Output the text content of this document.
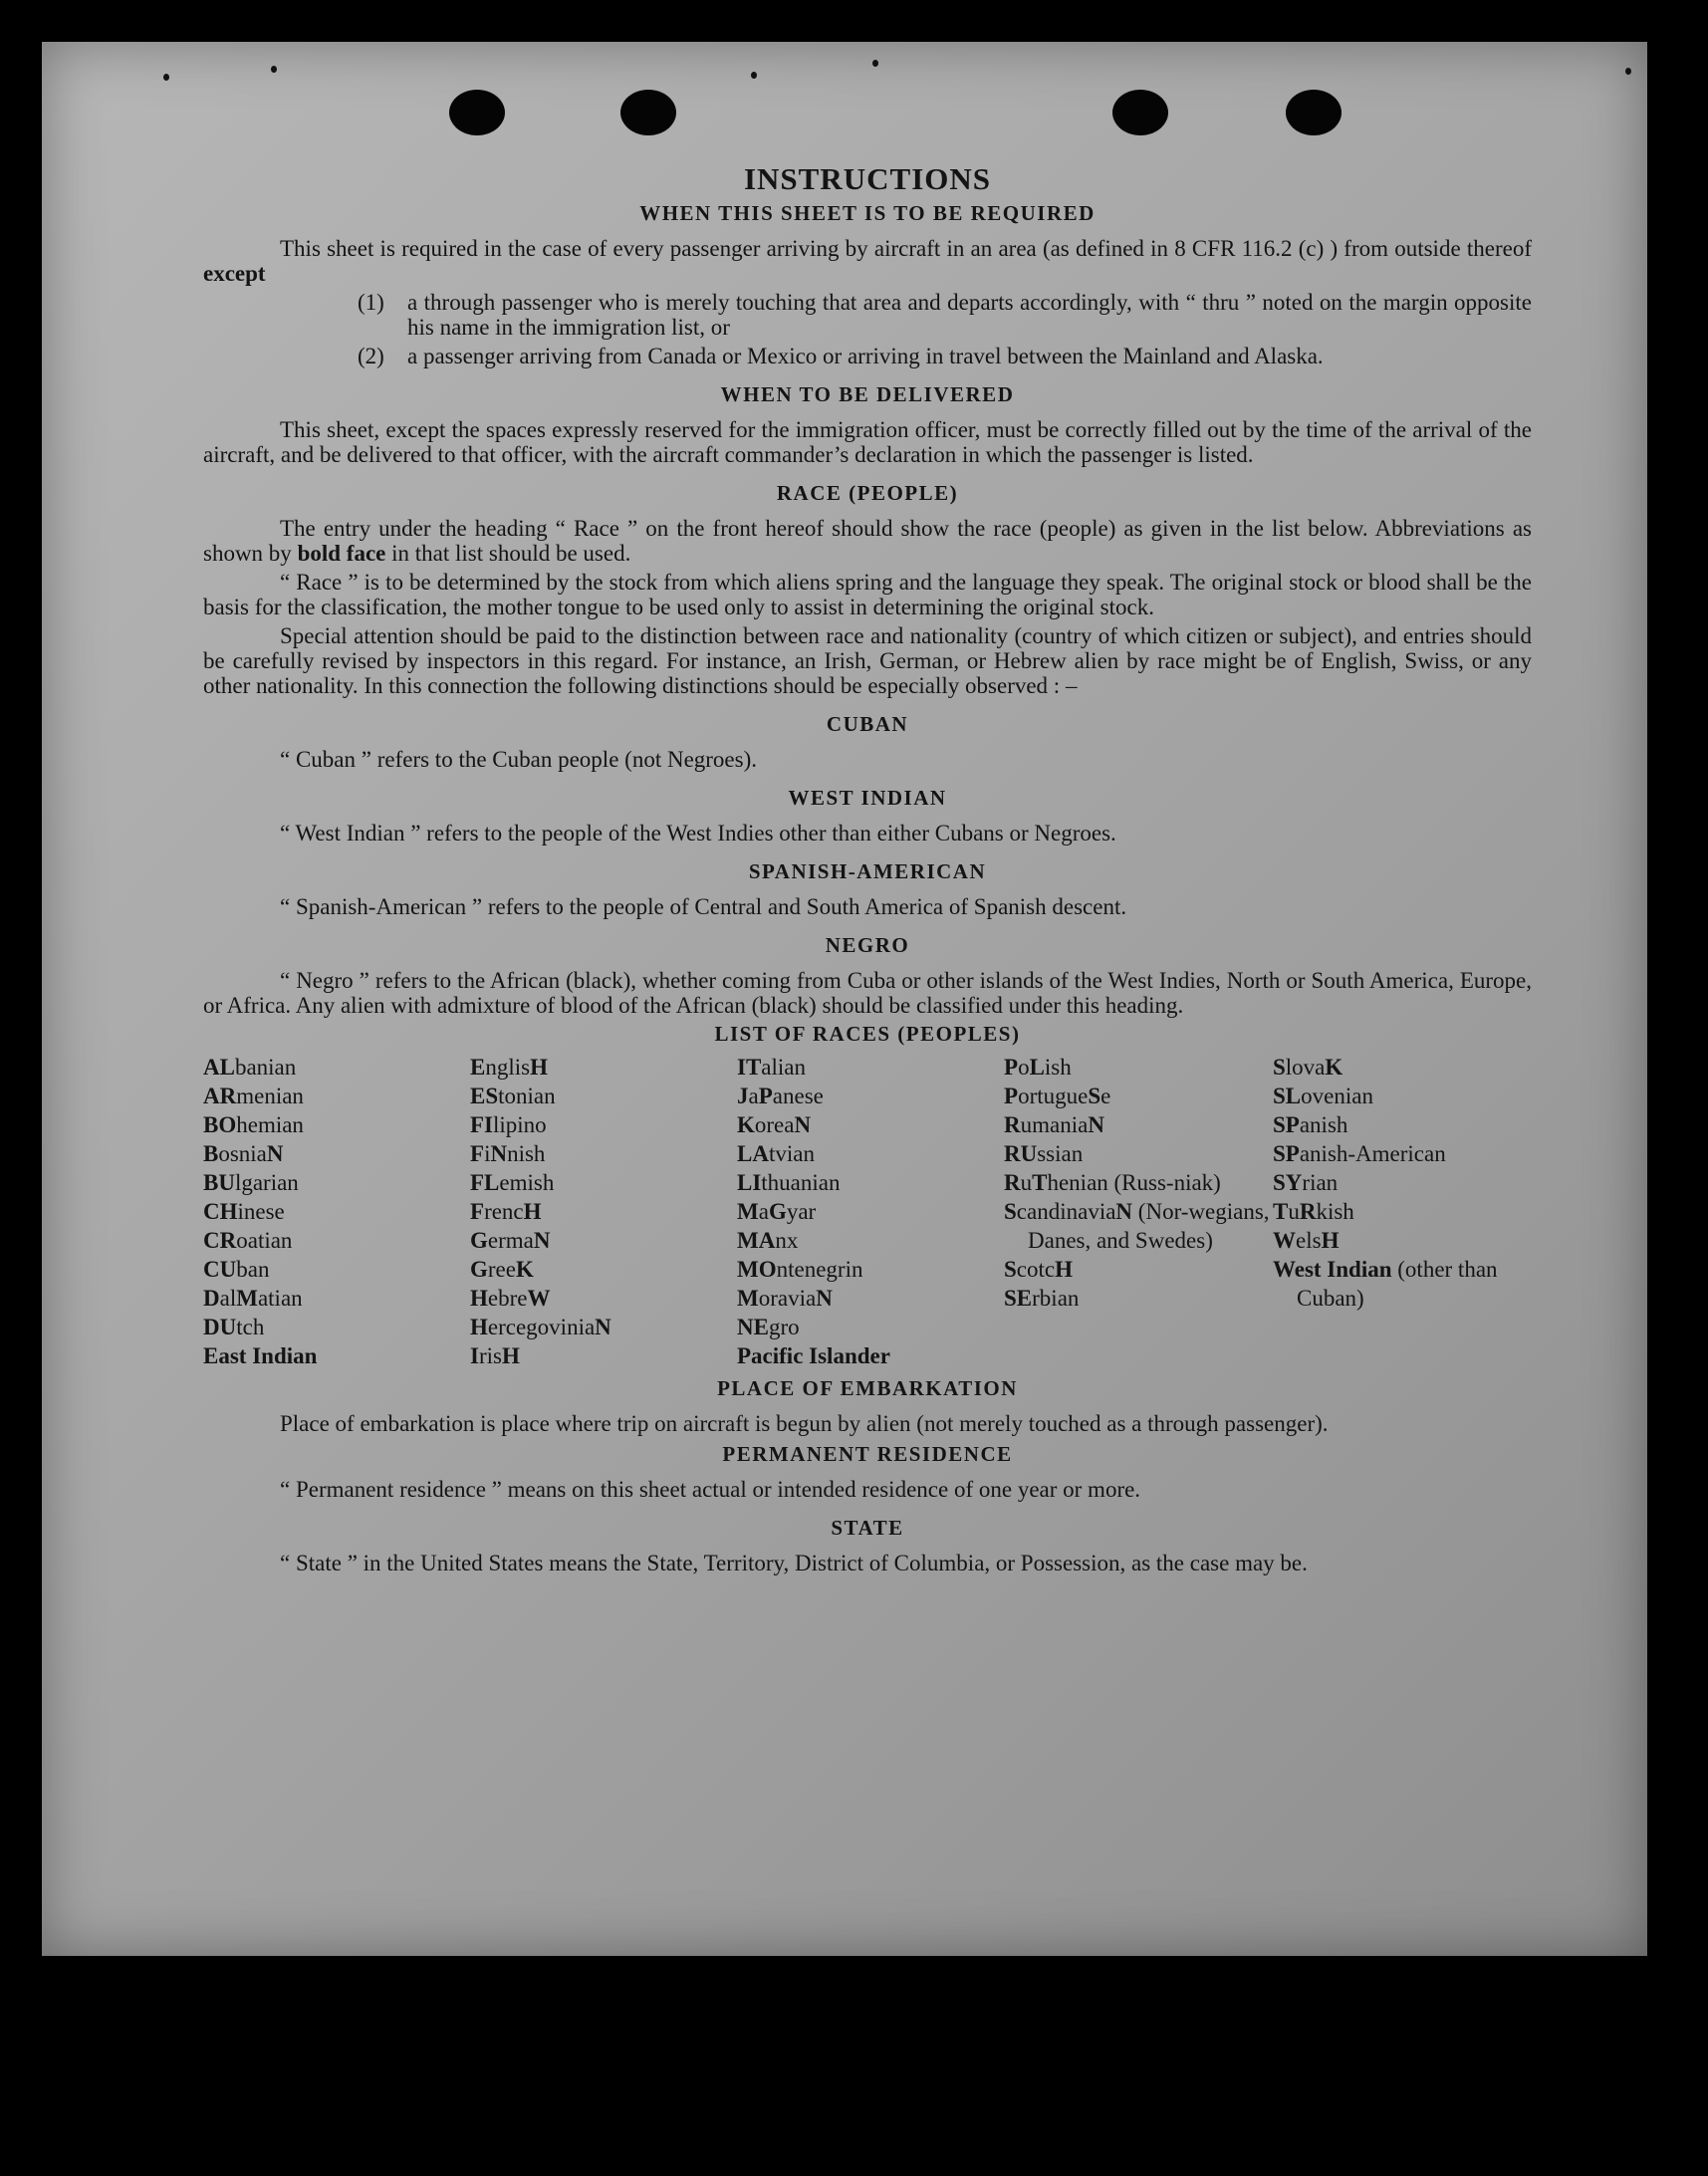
INSTRUCTIONS
WHEN THIS SHEET IS TO BE REQUIRED

This sheet is required in the case of every passenger arriving by aircraft in an area (as defined in 8 CFR 116.2 (c) ) from outside thereof except

(1)	a through passenger who is merely touching that area and departs accordingly, with “ thru ” noted on the margin opposite his name in the immigration list, or
(2)	a passenger arriving from Canada or Mexico or arriving in travel between the Mainland and Alaska.
WHEN TO BE DELIVERED

This sheet, except the spaces expressly reserved for the immigration officer, must be correctly filled out by the time of the arrival of the aircraft, and be delivered to that officer, with the aircraft commander’s declaration in which the passenger is listed.

RACE (PEOPLE)

The entry under the heading “ Race ” on the front hereof should show the race (people) as given in the list below. Abbreviations as shown by bold face in that list should be used.

“ Race ” is to be determined by the stock from which aliens spring and the language they speak. The original stock or blood shall be the basis for the classification, the mother tongue to be used only to assist in determining the original stock.

Special attention should be paid to the distinction between race and nationality (country of which citizen or subject), and entries should be carefully revised by inspectors in this regard. For instance, an Irish, German, or Hebrew alien by race might be of English, Swiss, or any other nationality. In this connection the following distinctions should be especially observed : –

CUBAN

“ Cuban ” refers to the Cuban people (not Negroes).

WEST INDIAN

“ West Indian ” refers to the people of the West Indies other than either Cubans or Negroes.

SPANISH-AMERICAN

“ Spanish-American ” refers to the people of Central and South America of Spanish descent.

NEGRO

“ Negro ” refers to the African (black), whether coming from Cuba or other islands of the West Indies, North or South America, Europe, or Africa. Any alien with admixture of blood of the African (black) should be classified under this heading.

LIST OF RACES (PEOPLES)
ALbanian
ARmenian
BOhemian
BosniaN
BUlgarian
CHinese
CRoatian
CUban
DalMatian
DUtch
East Indian
EnglisH
EStonian
FIlipino
FiNnish
FLemish
FrencH
GermaN
GreeK
HebreW
HercegoviniaN
IrisH
ITalian
JaPanese
KoreaN
LAtvian
LIthuanian
MaGyar
MAnx
MOntenegrin
MoraviaN
NEgro
Pacific Islander
PoLish
PortugueSe
RumaniaN
RUssian
RuThenian (Russ-niak)
ScandinaviaN (Nor-wegians, Danes, and Swedes)
ScotcH
SErbian
SlovaK
SLovenian
SPanish
SPanish-American
SYrian
TuRkish
WelsH
West Indian (other than Cuban)
PLACE OF EMBARKATION

Place of embarkation is place where trip on aircraft is begun by alien (not merely touched as a through passenger).

PERMANENT RESIDENCE

“ Permanent residence ” means on this sheet actual or intended residence of one year or more.

STATE

“ State ” in the United States means the State, Territory, District of Columbia, or Possession, as the case may be.
